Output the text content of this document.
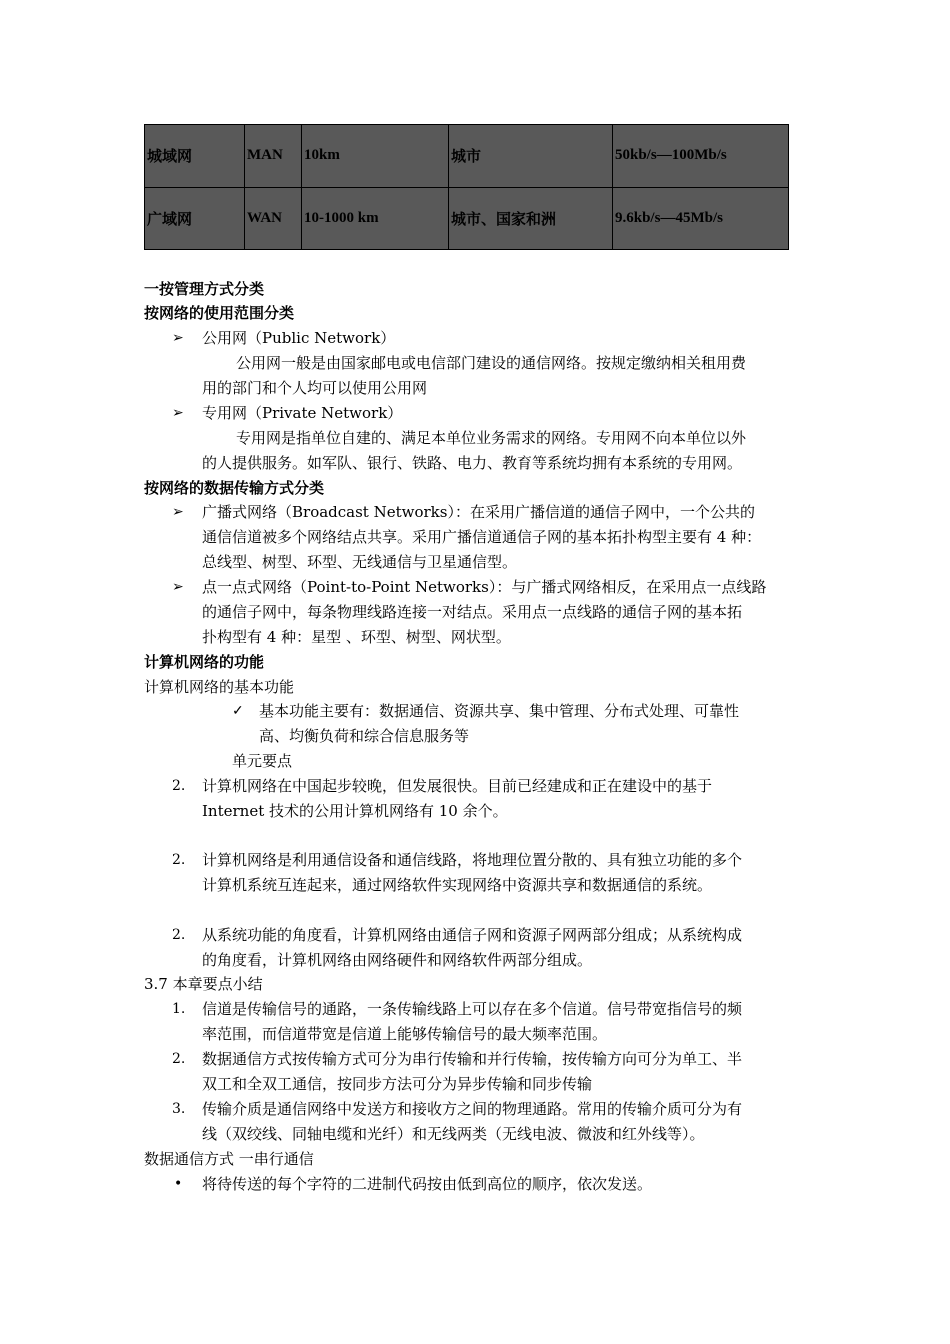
城域网	MAN	10km	城市	50kb/s—100Mb/s
广域网	WAN	10-1000 km	城市、国家和洲	9.6kb/s—45Mb/s
一按管理方式分类
按网络的使用范围分类
➢ 公用网（Public Network）
公用网一般是由国家邮电或电信部门建设的通信网络。按规定缴纳相关租用费
用的部门和个人均可以使用公用网
➢ 专用网（Private Network）
专用网是指单位自建的、满足本单位业务需求的网络。专用网不向本单位以外
的人提供服务。如军队、银行、铁路、电力、教育等系统均拥有本系统的专用网。
按网络的数据传输方式分类
➢ 广播式网络（Broadcast Networks）：在采用广播信道的通信子网中，一个公共的
通信信道被多个网络结点共享。采用广播信道通信子网的基本拓扑构型主要有 4 种：
总线型、树型、环型、无线通信与卫星通信型。
➢ 点一点式网络（Point-to-Point Networks）：与广播式网络相反，在采用点一点线路
的通信子网中，每条物理线路连接一对结点。采用点一点线路的通信子网的基本拓
扑构型有 4 种：星型 、环型、树型、网状型。
计算机网络的功能
计算机网络的基本功能
✓ 基本功能主要有：数据通信、资源共享、集中管理、分布式处理、可靠性
高、均衡负荷和综合信息服务等
单元要点
2. 计算机网络在中国起步较晚，但发展很快。目前已经建成和正在建设中的基于
Internet 技术的公用计算机网络有 10 余个。
2. 计算机网络是利用通信设备和通信线路，将地理位置分散的、具有独立功能的多个
计算机系统互连起来，通过网络软件实现网络中资源共享和数据通信的系统。
2. 从系统功能的角度看，计算机网络由通信子网和资源子网两部分组成；从系统构成
的角度看，计算机网络由网络硬件和网络软件两部分组成。
3.7 本章要点小结
1. 信道是传输信号的通路，一条传输线路上可以存在多个信道。信号带宽指信号的频
率范围，而信道带宽是信道上能够传输信号的最大频率范围。
2. 数据通信方式按传输方式可分为串行传输和并行传输，按传输方向可分为单工、半
双工和全双工通信，按同步方法可分为异步传输和同步传输
3. 传输介质是通信网络中发送方和接收方之间的物理通路。常用的传输介质可分为有
线（双绞线、同轴电缆和光纤）和无线两类（无线电波、微波和红外线等）。
数据通信方式 一串行通信
• 将待传送的每个字符的二进制代码按由低到高位的顺序，依次发送。
